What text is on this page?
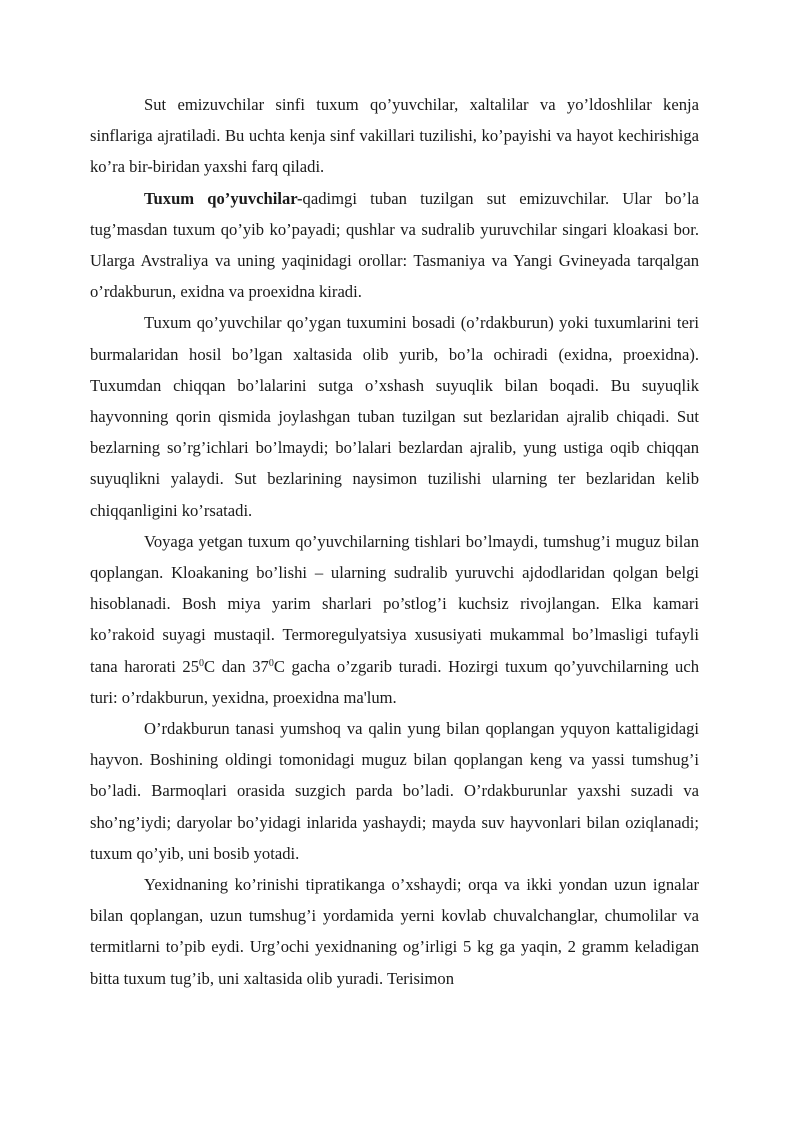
Sut emizuvchilar sinfi tuxum qo’yuvchilar, xaltalilar va yo’ldoshlilar kenja sinflariga ajratiladi. Bu uchta kenja sinf vakillari tuzilishi, ko’payishi va hayot kechirishiga ko’ra bir-biridan yaxshi farq qiladi.

Tuxum qo’yuvchilar-qadimgi tuban tuzilgan sut emizuvchilar. Ular bo’la tug’masdan tuxum qo’yib ko’payadi; qushlar va sudralib yuruvchilar singari kloakasi bor. Ularga Avstraliya va uning yaqinidagi orollar: Tasmaniya va Yangi Gvineyada tarqalgan o’rdakburun, exidna va proexidna kiradi.

Tuxum qo’yuvchilar qo’ygan tuxumini bosadi (o’rdakburun) yoki tuxumlarini teri burmalaridan hosil bo’lgan xaltasida olib yurib, bo’la ochiradi (exidna, proexidna). Tuxumdan chiqqan bo’lalarini sutga o’xshash suyuqlik bilan boqadi. Bu suyuqlik hayvonning qorin qismida joylashgan tuban tuzilgan sut bezlaridan ajralib chiqadi. Sut bezlarning so’rg’ichlari bo’lmaydi; bo’lalari bezlardan ajralib, yung ustiga oqib chiqqan suyuqlikni yalaydi. Sut bezlarining naysimon tuzilishi ularning ter bezlaridan kelib chiqqanligini ko’rsatadi.

Voyaga yetgan tuxum qo’yuvchilarning tishlari bo’lmaydi, tumshug’i muguz bilan qoplangan. Kloakaning bo’lishi – ularning sudralib yuruvchi ajdodlaridan qolgan belgi hisoblanadi. Bosh miya yarim sharlari po’stlog’i kuchsiz rivojlangan. Elka kamari ko’rakoid suyagi mustaqil. Termoregulyatsiya xususiyati mukammal bo’lmasligi tufayli tana harorati $25^0C$ dan $37^0C$ gacha o’zgarib turadi. Hozirgi tuxum qo’yuvchilarning uch turi: o’rdakburun, yexidna, proexidna ma'lum.

O’rdakburun tanasi yumshoq va qalin yung bilan qoplangan yquyon kattaligidagi hayvon. Boshining oldingi tomonidagi muguz bilan qoplangan keng va yassi tumshug’i bo’ladi. Barmoqlari orasida suzgich parda bo’ladi. O’rdakburunlar yaxshi suzadi va sho’ng’iydi; daryolar bo’yidagi inlarida yashaydi; mayda suv hayvonlari bilan oziqlanadi; tuxum qo’yib, uni bosib yotadi.

Yexidnaning ko’rinishi tipratikanga o’xshaydi; orqa va ikki yondan uzun ignalar bilan qoplangan, uzun tumshug’i yordamida yerni kovlab chuvalchanglar, chumolilar va termitlarni to’pib eydi. Urg’ochi yexidnaning og’irligi 5 kg ga yaqin, 2 gramm keladigan bitta tuxum tug’ib, uni xaltasida olib yuradi. Terisimon
